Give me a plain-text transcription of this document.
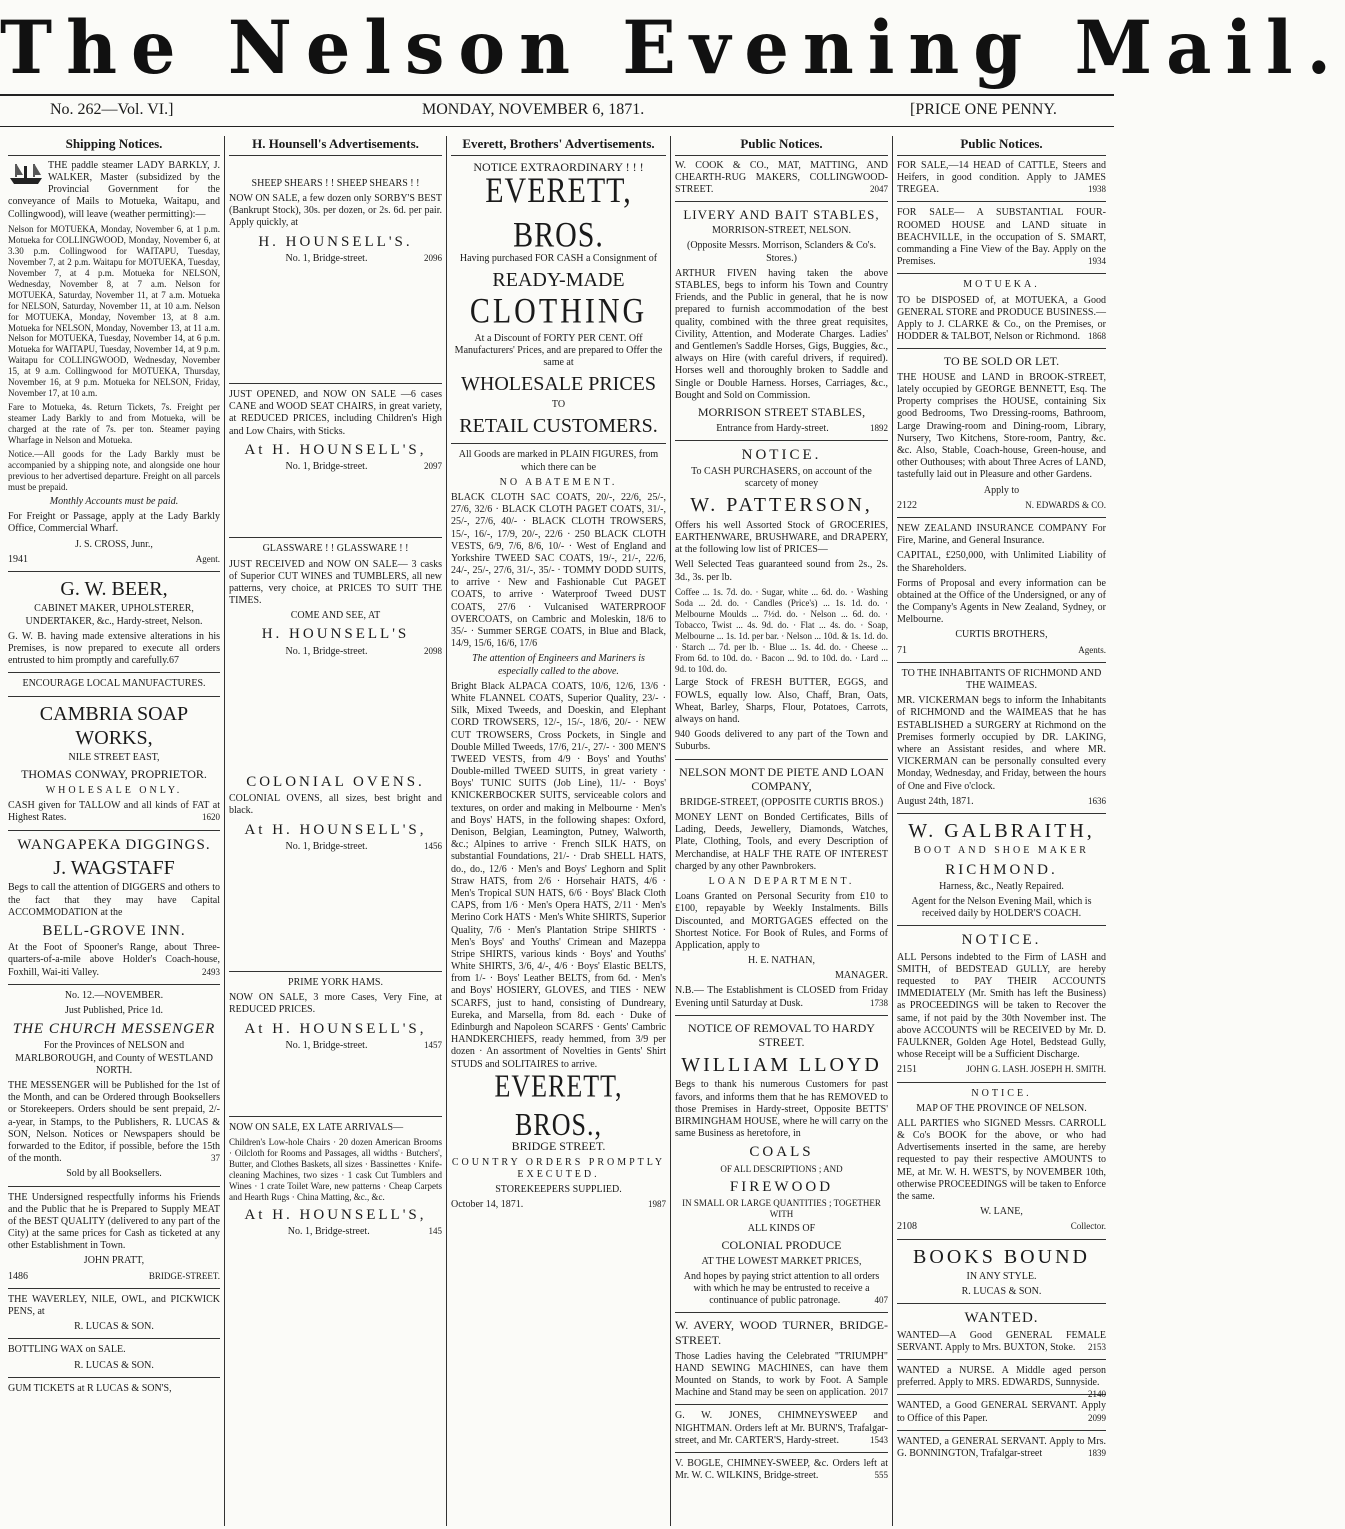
The Nelson Evening Mail.
No. 262—Vol. VI.]	MONDAY, NOVEMBER 6, 1871.	[PRICE ONE PENNY.
Shipping Notices.
THE paddle steamer LADY BARKLY, J. WALKER, Master (subsidized by the Provincial Government for the conveyance of Mails to Motueka, Waitapu, and Collingwood), will leave (weather permitting):—
Nelson for MOTUEKA, Monday, November 6, at 1 p.m. Motueka for COLLINGWOOD, Monday, November 6, at 3.30 p.m. Collingwood for WAITAPU, Tuesday, November 7, at 2 p.m. Waitapu for MOTUEKA, Tuesday, November 7, at 4 p.m. Motueka for NELSON, Wednesday, November 8, at 7 a.m. Nelson for MOTUEKA, Saturday, November 11, at 7 a.m. Motueka for NELSON, Saturday, November 11, at 10 a.m. Nelson for MOTUEKA, Monday, November 13, at 8 a.m. Motueka for NELSON, Monday, November 13, at 11 a.m. Nelson for MOTUEKA, Tuesday, November 14, at 6 p.m. Motueka for WAITAPU, Tuesday, November 14, at 9 p.m. Waitapu for COLLINGWOOD, Wednesday, November 15, at 9 a.m. Collingwood for MOTUEKA, Thursday, November 16, at 9 p.m. Motueka for NELSON, Friday, November 17, at 10 a.m.
Fare to Motueka, 4s. Return Tickets, 7s. Freight per steamer Lady Barkly to and from Motueka, will be charged at the rate of 7s. per ton. Steamer paying Wharfage in Nelson and Motueka.
Notice.—All goods for the Lady Barkly must be accompanied by a shipping note, and alongside one hour previous to her advertised departure. Freight on all parcels must be prepaid.
Monthly Accounts must be paid.
For Freight or Passage, apply at the Lady Barkly Office, Commercial Wharf.
J. S. CROSS, Junr.,
1941	Agent.
G. W. BEER,
CABINET MAKER, UPHOLSTERER, UNDERTAKER, &c., Hardy-street, Nelson.
G. W. B. having made extensive alterations in his Premises, is now prepared to execute all orders entrusted to him promptly and carefully.67
ENCOURAGE LOCAL MANUFACTURES.
CAMBRIA SOAP WORKS,
NILE STREET EAST,
THOMAS CONWAY, PROPRIETOR.
WHOLESALE ONLY.
CASH given for TALLOW and all kinds of FAT at Highest Rates.	1620
WANGAPEKA DIGGINGS.
J. WAGSTAFF
Begs to call the attention of DIGGERS and others to the fact that they may have Capital ACCOMMODATION at the
BELL-GROVE INN.
At the Foot of Spooner's Range, about Three-quarters-of-a-mile above Holder's Coach-house, Foxhill, Wai-iti Valley.	2493
No. 12.—NOVEMBER.
Just Published, Price 1d.
THE CHURCH MESSENGER
For the Provinces of NELSON and MARLBOROUGH, and County of WESTLAND NORTH.
THE MESSENGER will be Published for the 1st of the Month, and can be Ordered through Booksellers or Storekeepers. Orders should be sent prepaid, 2/- a-year, in Stamps, to the Publishers, R. LUCAS & SON, Nelson. Notices or Newspapers should be forwarded to the Editor, if possible, before the 15th of the month.	37
Sold by all Booksellers.
THE Undersigned respectfully informs his Friends and the Public that he is Prepared to Supply MEAT of the BEST QUALITY (delivered to any part of the City) at the same prices for Cash as ticketed at any other Establishment in Town.
JOHN PRATT,
1486	BRIDGE-STREET.
THE WAVERLEY, NILE, OWL, and PICKWICK PENS, at
R. LUCAS & SON.
BOTTLING WAX on SALE.
R. LUCAS & SON.
GUM TICKETS at R LUCAS & SON'S,
H. Hounsell's Advertisements.
SHEEP SHEARS ! ! SHEEP SHEARS ! !
NOW ON SALE, a few dozen only SORBY'S BEST (Bankrupt Stock), 30s. per dozen, or 2s. 6d. per pair. Apply quickly, at
H. HOUNSELL'S.
No. 1, Bridge-street.	2096
JUST OPENED, and NOW ON SALE —6 cases CANE and WOOD SEAT CHAIRS, in great variety, at REDUCED PRICES, including Children's High and Low Chairs, with Sticks.
At H. HOUNSELL'S,
No. 1, Bridge-street.	2097
GLASSWARE ! ! GLASSWARE ! !
JUST RECEIVED and NOW ON SALE— 3 casks of Superior CUT WINES and TUMBLERS, all new patterns, very choice, at PRICES TO SUIT THE TIMES.
COME AND SEE, AT
H. HOUNSELL'S
No. 1, Bridge-street.	2098
COLONIAL OVENS.
COLONIAL OVENS, all sizes, best bright and black.
At H. HOUNSELL'S,
No. 1, Bridge-street.	1456
PRIME YORK HAMS.
NOW ON SALE, 3 more Cases, Very Fine, at REDUCED PRICES.
At H. HOUNSELL'S,
No. 1, Bridge-street.	1457
NOW ON SALE, EX LATE ARRIVALS—
Children's Low-hole Chairs · 20 dozen American Brooms · Oilcloth for Rooms and Passages, all widths · Butchers', Butter, and Clothes Baskets, all sizes · Bassinettes · Knife-cleaning Machines, two sizes · 1 cask Cut Tumblers and Wines · 1 crate Toilet Ware, new patterns · Cheap Carpets and Hearth Rugs · China Matting, &c., &c.
At H. HOUNSELL'S,
No. 1, Bridge-street.	145
Everett, Brothers' Advertisements.
NOTICE EXTRAORDINARY ! ! !
EVERETT, BROS.
Having purchased FOR CASH a Consignment of
READY-MADE
CLOTHING
At a Discount of FORTY PER CENT. Off Manufacturers' Prices, and are prepared to Offer the same at
WHOLESALE PRICES
TO
RETAIL CUSTOMERS.
All Goods are marked in PLAIN FIGURES, from which there can be
NO ABATEMENT.
BLACK CLOTH SAC COATS, 20/-, 22/6, 25/-, 27/6, 32/6 · BLACK CLOTH PAGET COATS, 31/-, 25/-, 27/6, 40/- · BLACK CLOTH TROWSERS, 15/-, 16/-, 17/9, 20/-, 22/6 · 250 BLACK CLOTH VESTS, 6/9, 7/6, 8/6, 10/- · West of England and Yorkshire TWEED SAC COATS, 19/-, 21/-, 22/6, 24/-, 25/-, 27/6, 31/-, 35/- · TOMMY DODD SUITS, to arrive · New and Fashionable Cut PAGET COATS, to arrive · Waterproof Tweed DUST COATS, 27/6 · Vulcanised WATERPROOF OVERCOATS, on Cambric and Moleskin, 18/6 to 35/- · Summer SERGE COATS, in Blue and Black, 14/9, 15/6, 16/6, 17/6
The attention of Engineers and Mariners is especially called to the above.
Bright Black ALPACA COATS, 10/6, 12/6, 13/6 · White FLANNEL COATS, Superior Quality, 23/- · Silk, Mixed Tweeds, and Doeskin, and Elephant CORD TROWSERS, 12/-, 15/-, 18/6, 20/- · NEW CUT TROWSERS, Cross Pockets, in Single and Double Milled Tweeds, 17/6, 21/-, 27/- · 300 MEN'S TWEED VESTS, from 4/9 · Boys' and Youths' Double-milled TWEED SUITS, in great variety · Boys' TUNIC SUITS (Job Line), 11/- · Boys' KNICKERBOCKER SUITS, serviceable colors and textures, on order and making in Melbourne · Men's and Boys' HATS, in the following shapes: Oxford, Denison, Belgian, Leamington, Putney, Walworth, &c.; Alpines to arrive · French SILK HATS, on substantial Foundations, 21/- · Drab SHELL HATS, do., do., 12/6 · Men's and Boys' Leghorn and Split Straw HATS, from 2/6 · Horsehair HATS, 4/6 · Men's Tropical SUN HATS, 6/6 · Boys' Black Cloth CAPS, from 1/6 · Men's Opera HATS, 2/11 · Men's Merino Cork HATS · Men's White SHIRTS, Superior Quality, 7/6 · Men's Plantation Stripe SHIRTS · Men's Boys' and Youths' Crimean and Mazeppa Stripe SHIRTS, various kinds · Boys' and Youths' White SHIRTS, 3/6, 4/-, 4/6 · Boys' Elastic BELTS, from 1/- · Boys' Leather BELTS, from 6d. · Men's and Boys' HOSIERY, GLOVES, and TIES · NEW SCARFS, just to hand, consisting of Dundreary, Eureka, and Marsella, from 8d. each · Duke of Edinburgh and Napoleon SCARFS · Gents' Cambric HANDKERCHIEFS, ready hemmed, from 3/9 per dozen · An assortment of Novelties in Gents' Shirt STUDS and SOLITAIRES to arrive.
EVERETT, BROS.,
BRIDGE STREET.
COUNTRY ORDERS PROMPTLY EXECUTED.
STOREKEEPERS SUPPLIED.
October 14, 1871.	1987
Public Notices.
W. COOK & CO., MAT, MATTING, AND CHEARTH-RUG MAKERS, COLLINGWOOD-STREET.	2047
LIVERY AND BAIT STABLES,
MORRISON-STREET, NELSON.
(Opposite Messrs. Morrison, Sclanders & Co's. Stores.)
ARTHUR FIVEN having taken the above STABLES, begs to inform his Town and Country Friends, and the Public in general, that he is now prepared to furnish accommodation of the best quality, combined with the three great requisites, Civility, Attention, and Moderate Charges. Ladies' and Gentlemen's Saddle Horses, Gigs, Buggies, &c., always on Hire (with careful drivers, if required). Horses well and thoroughly broken to Saddle and Single or Double Harness. Horses, Carriages, &c., Bought and Sold on Commission.
MORRISON STREET STABLES,
Entrance from Hardy-street.	1892
NOTICE.
To CASH PURCHASERS, on account of the scarcety of money
W. PATTERSON,
Offers his well Assorted Stock of GROCERIES, EARTHENWARE, BRUSHWARE, and DRAPERY, at the following low list of PRICES—
Well Selected Teas guaranteed sound from 2s., 2s. 3d., 3s. per lb.
Coffee ... 1s. 7d. do. · Sugar, white ... 6d. do. · Washing Soda ... 2d. do. · Candles (Price's) ... 1s. 1d. do. · Melbourne Moulds ... 7½d. do. · Nelson ... 6d. do. · Tobacco, Twist ... 4s. 9d. do. · Flat ... 4s. do. · Soap, Melbourne ... 1s. 1d. per bar. · Nelson ... 10d. & 1s. 1d. do. · Starch ... 7d. per lb. · Blue ... 1s. 4d. do. · Cheese ... From 6d. to 10d. do. · Bacon ... 9d. to 10d. do. · Lard ... 9d. to 10d. do.
Large Stock of FRESH BUTTER, EGGS, and FOWLS, equally low. Also, Chaff, Bran, Oats, Wheat, Barley, Sharps, Flour, Potatoes, Carrots, always on hand.
940 Goods delivered to any part of the Town and Suburbs.
NELSON MONT DE PIETE AND LOAN COMPANY,
BRIDGE-STREET, (OPPOSITE CURTIS BROS.)
MONEY LENT on Bonded Certificates, Bills of Lading, Deeds, Jewellery, Diamonds, Watches, Plate, Clothing, Tools, and every Description of Merchandise, at HALF THE RATE OF INTEREST charged by any other Pawnbrokers.
LOAN DEPARTMENT.
Loans Granted on Personal Security from £10 to £100, repayable by Weekly Instalments. Bills Discounted, and MORTGAGES effected on the Shortest Notice. For Book of Rules, and Forms of Application, apply to
H. E. NATHAN,
MANAGER.
N.B.— The Establishment is CLOSED from Friday Evening until Saturday at Dusk.	1738
NOTICE OF REMOVAL TO HARDY STREET.
WILLIAM LLOYD
Begs to thank his numerous Customers for past favors, and informs them that he has REMOVED to those Premises in Hardy-street, Opposite BETTS' BIRMINGHAM HOUSE, where he will carry on the same Business as heretofore, in
COALS
OF ALL DESCRIPTIONS ; AND
FIREWOOD
IN SMALL OR LARGE QUANTITIES ; TOGETHER WITH
ALL KINDS OF
COLONIAL PRODUCE
AT THE LOWEST MARKET PRICES,
And hopes by paying strict attention to all orders with which he may be entrusted to receive a continuance of public patronage.	407
W. AVERY, WOOD TURNER, BRIDGE-STREET.
Those Ladies having the Celebrated "TRIUMPH" HAND SEWING MACHINES, can have them Mounted on Stands, to work by Foot. A Sample Machine and Stand may be seen on application. 2017
G. W. JONES, CHIMNEYSWEEP and NIGHTMAN. Orders left at Mr. BURN'S, Trafalgar-street, and Mr. CARTER'S, Hardy-street.	1543
V. BOGLE, CHIMNEY-SWEEP, &c. Orders left at Mr. W. C. WILKINS, Bridge-street.	555
Public Notices.
FOR SALE,—14 HEAD of CATTLE, Steers and Heifers, in good condition. Apply to JAMES TREGEA.	1938
FOR SALE— A SUBSTANTIAL FOUR-ROOMED HOUSE and LAND situate in BEACHVILLE, in the occupation of S. SMART, commanding a Fine View of the Bay. Apply on the Premises.	1934
MOTUEKA.
TO be DISPOSED of, at MOTUEKA, a Good GENERAL STORE and PRODUCE BUSINESS.—Apply to J. CLARKE & Co., on the Premises, or HODDER & TALBOT, Nelson or Richmond. 1868
TO BE SOLD OR LET.
THE HOUSE and LAND in BROOK-STREET, lately occupied by GEORGE BENNETT, Esq. The Property comprises the HOUSE, containing Six good Bedrooms, Two Dressing-rooms, Bathroom, Large Drawing-room and Dining-room, Library, Nursery, Two Kitchens, Store-room, Pantry, &c. &c. Also, Stable, Coach-house, Green-house, and other Outhouses; with about Three Acres of LAND, tastefully laid out in Pleasure and other Gardens.
Apply to
2122	N. EDWARDS & CO.
NEW ZEALAND INSURANCE COMPANY For Fire, Marine, and General Insurance.
CAPITAL, £250,000, with Unlimited Liability of the Shareholders.
Forms of Proposal and every information can be obtained at the Office of the Undersigned, or any of the Company's Agents in New Zealand, Sydney, or Melbourne.
CURTIS BROTHERS,
71	Agents.
TO THE INHABITANTS OF RICHMOND AND THE WAIMEAS.
MR. VICKERMAN begs to inform the Inhabitants of RICHMOND and the WAIMEAS that he has ESTABLISHED a SURGERY at Richmond on the Premises formerly occupied by DR. LAKING, where an Assistant resides, and where MR. VICKERMAN can be personally consulted every Monday, Wednesday, and Friday, between the hours of One and Five o'clock.
August 24th, 1871.	1636
W. GALBRAITH,
BOOT AND SHOE MAKER
RICHMOND.
Harness, &c., Neatly Repaired.
Agent for the Nelson Evening Mail, which is received daily by HOLDER'S COACH.
NOTICE.
ALL Persons indebted to the Firm of LASH and SMITH, of BEDSTEAD GULLY, are hereby requested to PAY THEIR ACCOUNTS IMMEDIATELY (Mr. Smith has left the Business) as PROCEEDINGS will be taken to Recover the same, if not paid by the 30th November inst. The above ACCOUNTS will be RECEIVED by Mr. D. FAULKNER, Golden Age Hotel, Bedstead Gully, whose Receipt will be a Sufficient Discharge.
2151	JOHN G. LASH. JOSEPH H. SMITH.
NOTICE.
MAP OF THE PROVINCE OF NELSON.
ALL PARTIES who SIGNED Messrs. CARROLL & Co's BOOK for the above, or who had Advertisements inserted in the same, are hereby requested to pay their respective AMOUNTS to ME, at Mr. W. H. WEST'S, by NOVEMBER 10th, otherwise PROCEEDINGS will be taken to Enforce the same.
W. LANE,
2108	Collector.
BOOKS BOUND
IN ANY STYLE.
R. LUCAS & SON.
WANTED.
WANTED—A Good GENERAL FEMALE SERVANT. Apply to Mrs. BUXTON, Stoke. 2153
WANTED a NURSE. A Middle aged person preferred. Apply to MRS. EDWARDS, Sunnyside.
2140
WANTED, a Good GENERAL SERVANT. Apply to Office of this Paper.	2099
WANTED, a GENERAL SERVANT. Apply to Mrs. G. BONNINGTON, Trafalgar-street	1839
